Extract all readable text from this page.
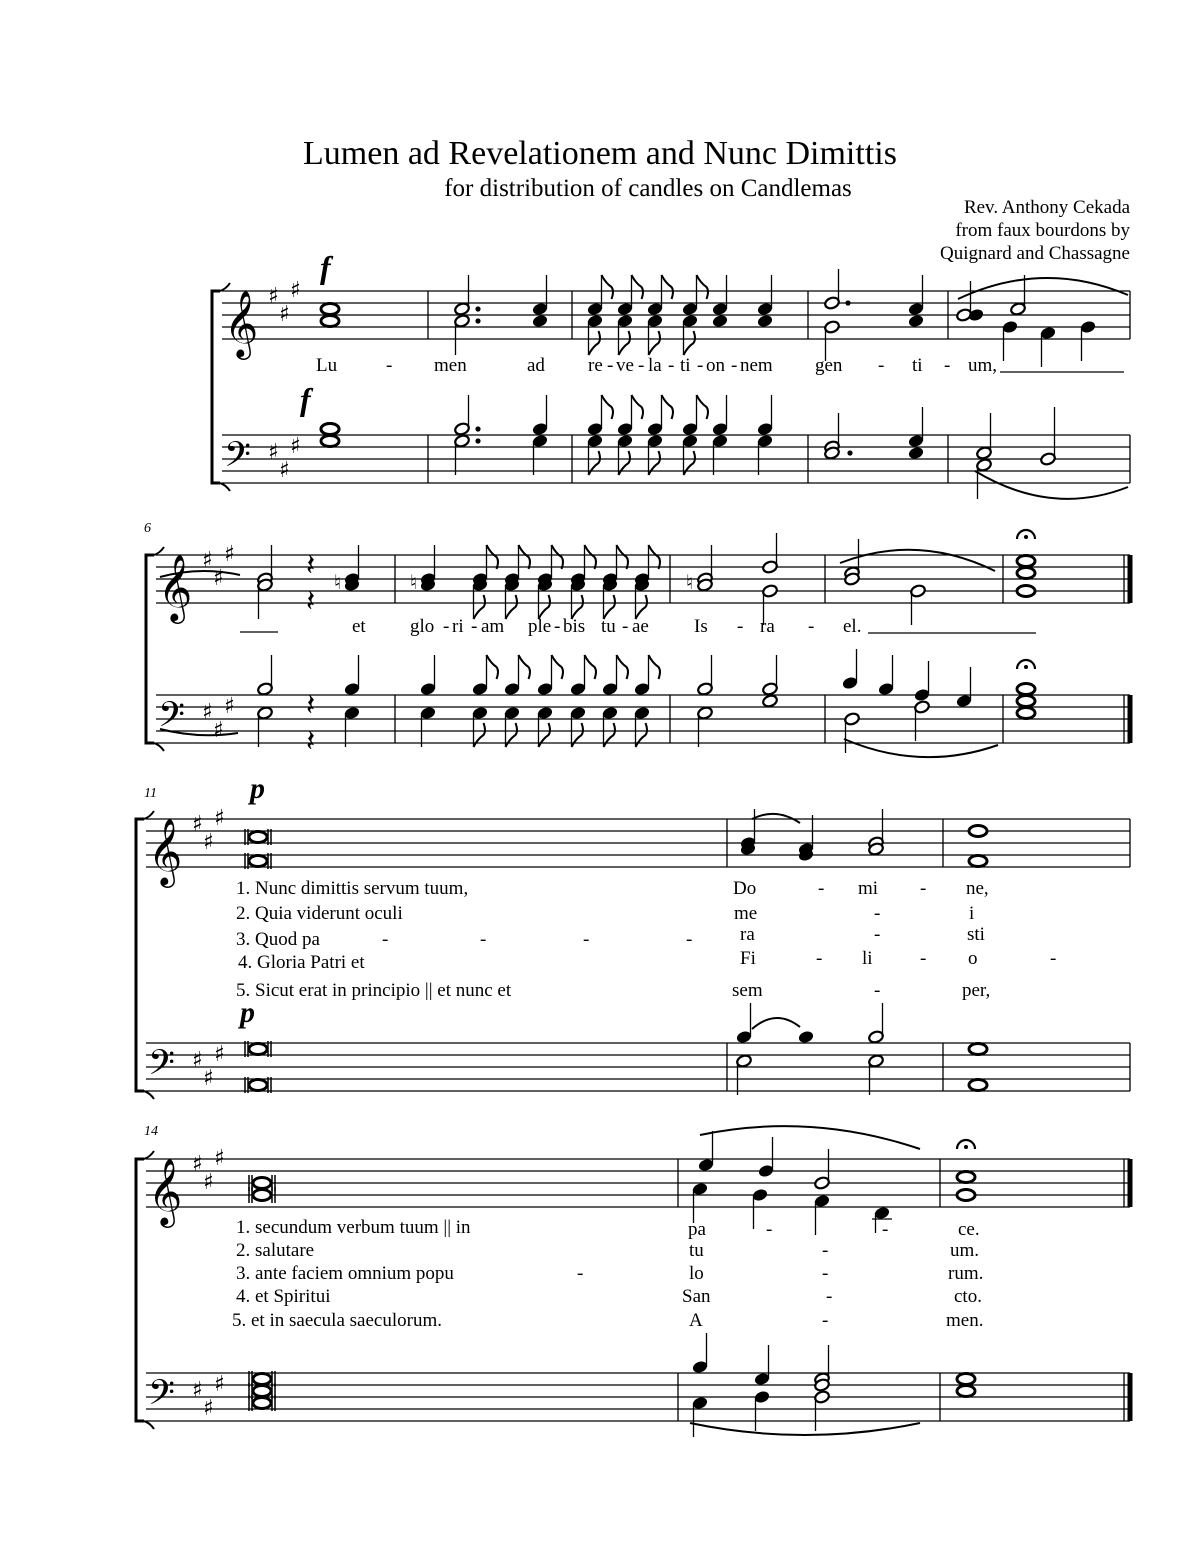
Lumen ad Revelationem and Nunc Dimittis
for distribution of candles on Candlemas
Rev. Anthony Cekada
from faux bourdons by
Quignard and Chassagne
𝄞
𝄢
♯
♯
♯
♯
♯
♯
𝄞
𝄢
♯
♯
♯
♯
♯
♯
𝄽
𝄽
♮	♮	♮
𝄽
𝄽
𝄞
𝄢
♯
♯
♯
♯
♯
♯
𝄞
𝄢
♯
♯
♯
♯
♯
♯
f
f
p
p
6
11
14
Lu	- men	ad re - ve - la - ti - on - nem gen - ti - um,
et glo - ri - am ple - bis tu - ae Is - ra - el.
1. Nunc dimittis servum tuum,	Do	- mi - ne,
2. Quia viderunt oculi	me	-	i
3. Quod pa	-	-	-	-	ra	-	sti
4. Gloria Patri et	Fi	- li - o	-
5. Sicut erat in principio || et nunc et	sem	-	per,
1. secundum verbum tuum || in	pa	-	-	ce.
2. salutare	tu	-	um.
3. ante faciem omnium popu	-	lo	-	rum.
4. et Spiritui	San	-	cto.
5. et in saecula saeculorum.	A	-	men.
